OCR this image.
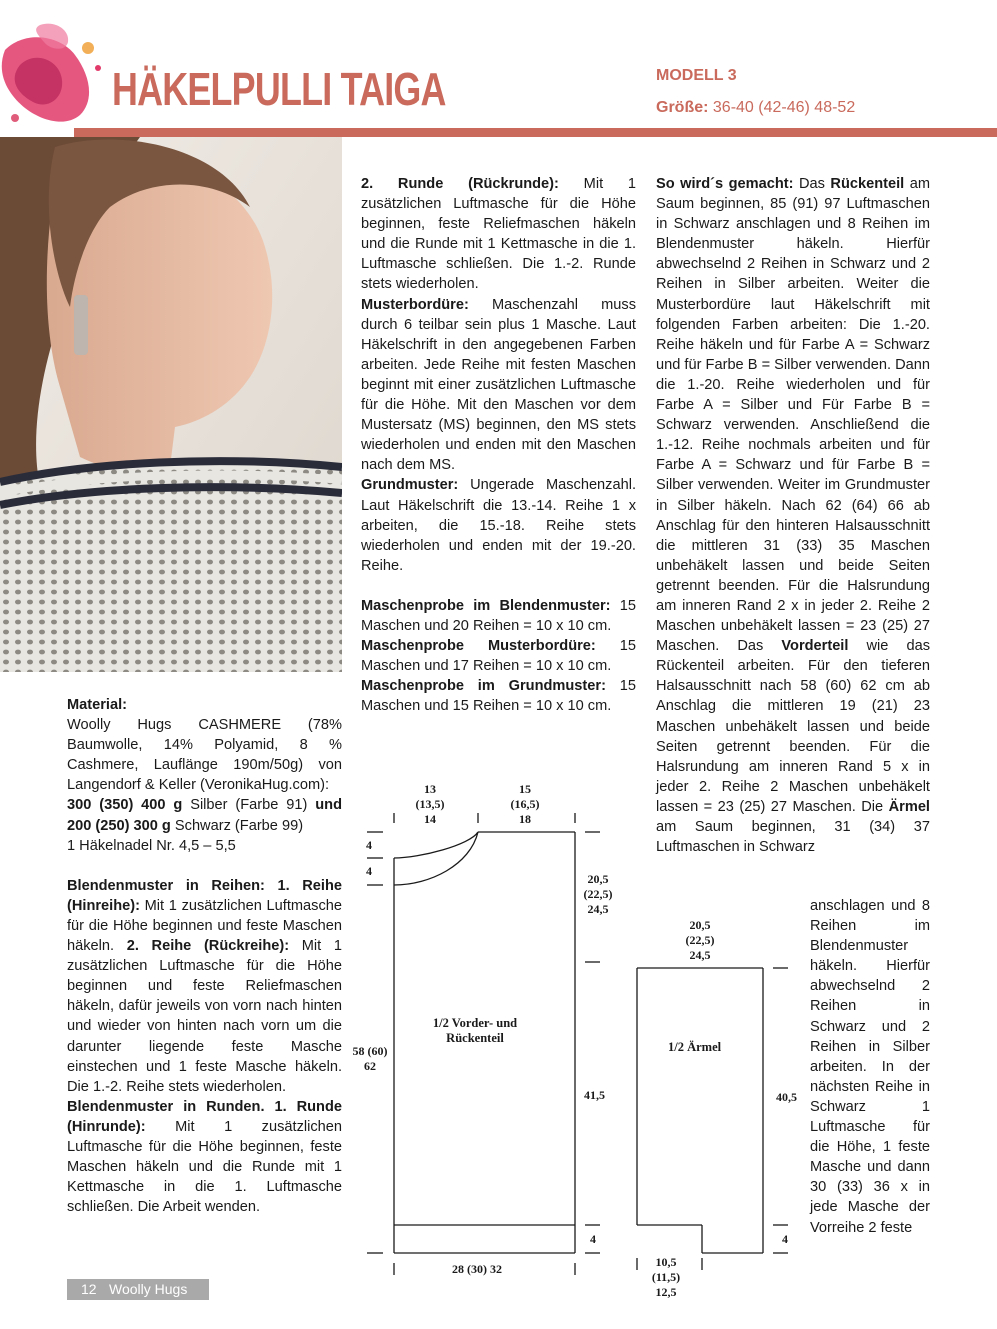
HÄKELPULLI TAIGA	MODELL 3
Größe: 36-40 (42-46) 48-52

Material:

Woolly Hugs CASHMERE (78% Baumwolle, 14% Polyamid, 8 % Cashmere, Lauflänge 190m/50g) von Langendorf & Keller (VeronikaHug.com):

300 (350) 400 g Silber (Farbe 91) und 200 (250) 300 g Schwarz (Farbe 99)

1 Häkelnadel Nr. 4,5 – 5,5

Blendenmuster in Reihen: 1. Reihe (Hinreihe): Mit 1 zusätzlichen Luftmasche für die Höhe beginnen und feste Maschen häkeln. 2. Reihe (Rückreihe): Mit 1 zusätzlichen Luftmasche für die Höhe beginnen und feste Reliefmaschen häkeln, dafür jeweils von vorn nach hinten und wieder von hinten nach vorn um die darunter liegende feste Masche einstechen und 1 feste Masche häkeln. Die 1.-2. Reihe stets wiederholen.

Blendenmuster in Runden. 1. Runde (Hinrunde): Mit 1 zusätzlichen Luftmasche für die Höhe beginnen, feste Maschen häkeln und die Runde mit 1 Kettmasche in die 1. Luftmasche schließen. Die Arbeit wenden.

2. Runde (Rückrunde): Mit 1 zusätzlichen Luftmasche für die Höhe beginnen, feste Reliefmaschen häkeln und die Runde mit 1 Kettmasche in die 1. Luftmasche schließen. Die 1.-2. Runde stets wiederholen.

Musterbordüre: Maschenzahl muss durch 6 teilbar sein plus 1 Masche. Laut Häkelschrift in den angegebenen Farben arbeiten. Jede Reihe mit festen Maschen beginnt mit einer zusätzlichen Luftmasche für die Höhe. Mit den Maschen vor dem Mustersatz (MS) beginnen, den MS stets wiederholen und enden mit den Maschen nach dem MS.

Grundmuster: Ungerade Maschenzahl. Laut Häkelschrift die 13.-14. Reihe 1 x arbeiten, die 15.-18. Reihe stets wiederholen und enden mit der 19.-20. Reihe.

Maschenprobe im Blendenmuster: 15 Maschen und 20 Reihen = 10 x 10 cm.

Maschenprobe Musterbordüre: 15 Maschen und 17 Reihen = 10 x 10 cm.

Maschenprobe im Grundmuster: 15 Maschen und 15 Reihen = 10 x 10 cm.

So wird´s gemacht: Das Rückenteil am Saum beginnen, 85 (91) 97 Luftmaschen in Schwarz anschlagen und 8 Reihen im Blendenmuster häkeln. Hierfür abwechselnd 2 Reihen in Schwarz und 2 Reihen in Silber arbeiten. Weiter die Musterbordüre laut Häkelschrift mit folgenden Farben arbeiten: Die 1.-20. Reihe häkeln und für Farbe A = Schwarz und für Farbe B = Silber verwenden. Dann die 1.-20. Reihe wiederholen und für Farbe A = Silber und Für Farbe B = Schwarz verwenden. Anschließend die 1.-12. Reihe nochmals arbeiten und für Farbe A = Schwarz und für Farbe B = Silber verwenden. Weiter im Grundmuster in Silber häkeln. Nach 62 (64) 66 ab Anschlag für den hinteren Halsausschnitt die mittleren 31 (33) 35 Maschen unbehäkelt lassen und beide Seiten getrennt beenden. Für die Halsrundung am inneren Rand 2 x in jeder 2. Reihe 2 Maschen unbehäkelt lassen = 23 (25) 27 Maschen. Das Vorderteil wie das Rückenteil arbeiten. Für den tieferen Halsausschnitt nach 58 (60) 62 cm ab Anschlag die mittleren 19 (21) 23 Maschen unbehäkelt lassen und beide Seiten getrennt beenden. Für die Halsrundung am inneren Rand 5 x in jeder 2. Reihe 2 Maschen unbehäkelt lassen = 23 (25) 27 Maschen. Die Ärmel am Saum beginnen, 31 (34) 37 Luftmaschen in Schwarz

anschlagen und 8 Reihen im Blendenmuster häkeln. Hierfür abwechselnd 2 Reihen in Schwarz und 2 Reihen in Silber arbeiten. In der nächsten Reihe in Schwarz 1 Luftmasche für die Höhe, 1 feste Masche und dann 30 (33) 36 x in jede Masche der Vorreihe 2 feste

13 (13,5) 14
15 (16,5) 18
4
4
20,5 (22,5) 24,5
1/2 Vorder- und Rückenteil
58 (60) 62
41,5
4
28 (30) 32
20,5 (22,5) 24,5
1/2 Ärmel
40,5
4
10,5 (11,5) 12,5
12 Woolly Hugs
